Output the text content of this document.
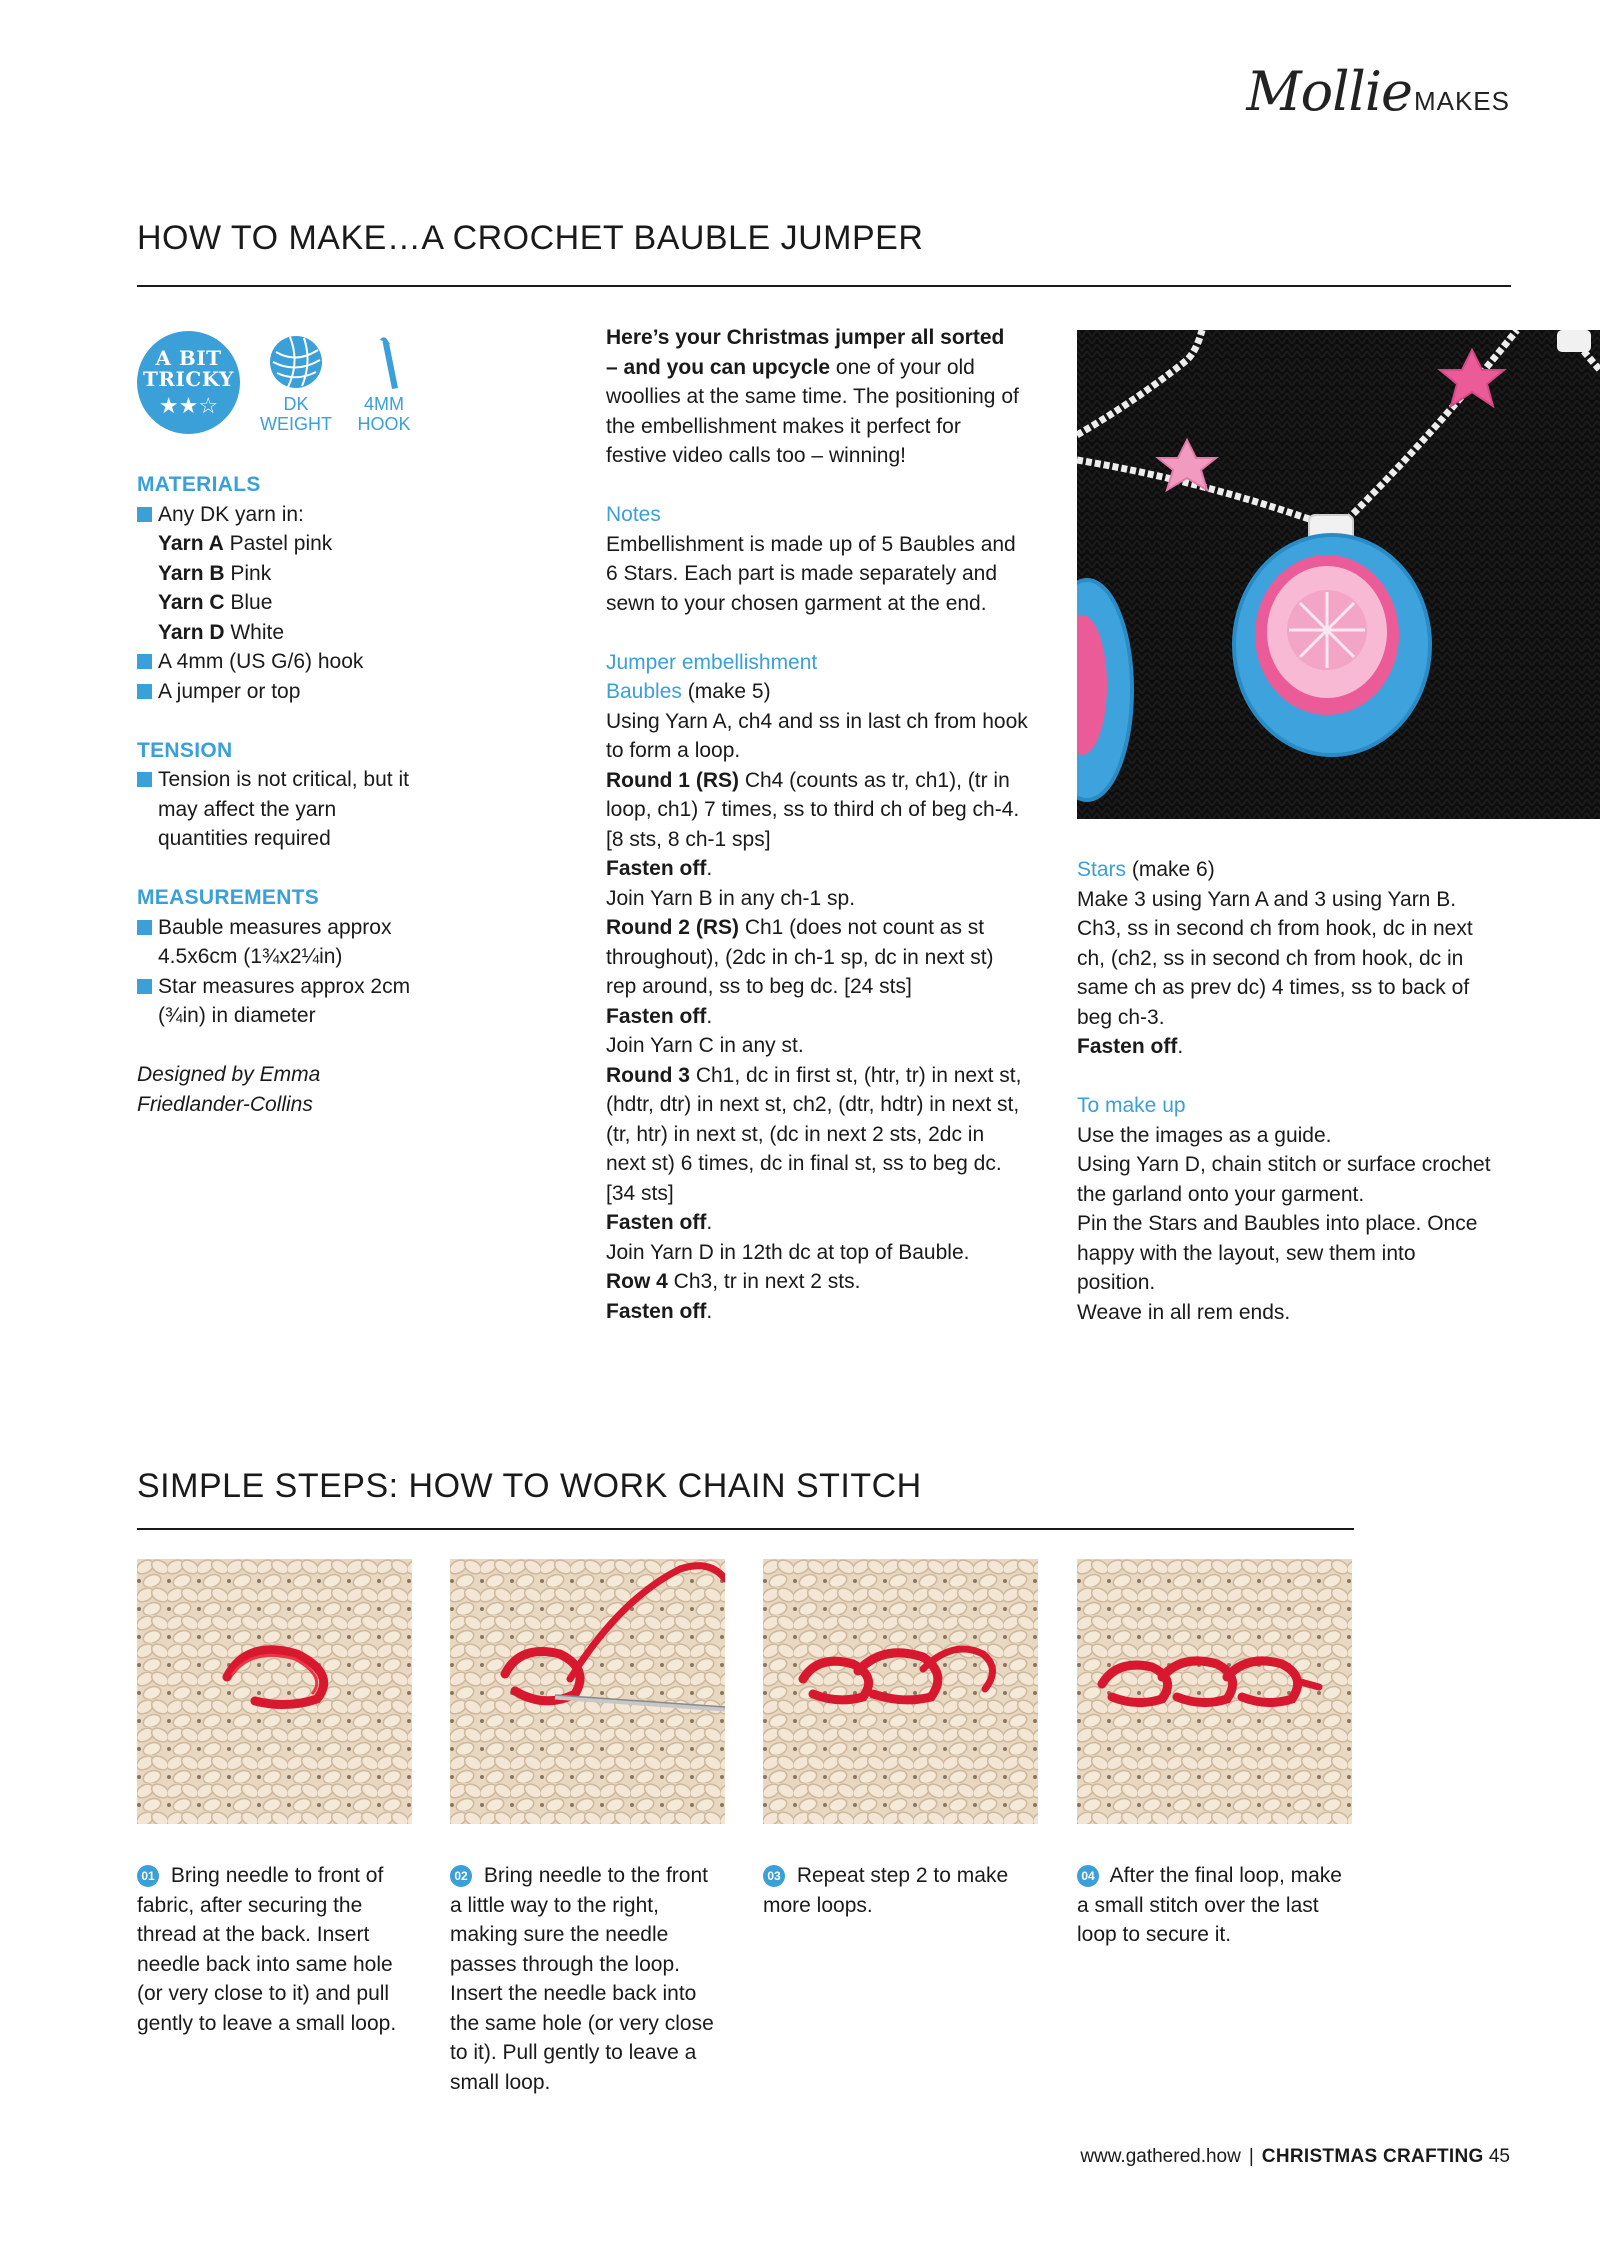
Mollie MAKES
HOW TO MAKE…A CROCHET BAUBLE JUMPER
A BIT
TRICKY
★★☆	DK
WEIGHT
4MM
HOOK

MATERIALS

Any DK yarn in:

Yarn A Pastel pink

Yarn B Pink

Yarn C Blue

Yarn D White

A 4mm (US G/6) hook

A jumper or top

TENSION

Tension is not critical, but it

may affect the yarn

quantities required

MEASUREMENTS

Bauble measures approx

4.5x6cm (1¾x2¼in)

Star measures approx 2cm

(¾in) in diameter

Designed by Emma

Friedlander-Collins

Here’s your Christmas jumper all sorted

– and you can upcycle one of your old

woollies at the same time. The positioning of

the embellishment makes it perfect for

festive video calls too – winning!

Notes

Embellishment is made up of 5 Baubles and

6 Stars. Each part is made separately and

sewn to your chosen garment at the end.

Jumper embellishment

Baubles (make 5)

Using Yarn A, ch4 and ss in last ch from hook

to form a loop.

Round 1 (RS) Ch4 (counts as tr, ch1), (tr in

loop, ch1) 7 times, ss to third ch of beg ch-4.

[8 sts, 8 ch-1 sps]

Fasten off.

Join Yarn B in any ch-1 sp.

Round 2 (RS) Ch1 (does not count as st

throughout), (2dc in ch-1 sp, dc in next st)

rep around, ss to beg dc. [24 sts]

Fasten off.

Join Yarn C in any st.

Round 3 Ch1, dc in first st, (htr, tr) in next st,

(hdtr, dtr) in next st, ch2, (dtr, hdtr) in next st,

(tr, htr) in next st, (dc in next 2 sts, 2dc in

next st) 6 times, dc in final st, ss to beg dc.

[34 sts]

Fasten off.

Join Yarn D in 12th dc at top of Bauble.

Row 4 Ch3, tr in next 2 sts.

Fasten off.

Stars (make 6)

Make 3 using Yarn A and 3 using Yarn B.

Ch3, ss in second ch from hook, dc in next

ch, (ch2, ss in second ch from hook, dc in

same ch as prev dc) 4 times, ss to back of

beg ch-3.

Fasten off.

To make up

Use the images as a guide.

Using Yarn D, chain stitch or surface crochet

the garland onto your garment.

Pin the Stars and Baubles into place. Once

happy with the layout, sew them into

position.

Weave in all rem ends.

SIMPLE STEPS: HOW TO WORK CHAIN STITCH

01 Bring needle to front of

fabric, after securing the

thread at the back. Insert

needle back into same hole

(or very close to it) and pull

gently to leave a small loop.

02 Bring needle to the front

a little way to the right,

making sure the needle

passes through the loop.

Insert the needle back into

the same hole (or very close

to it). Pull gently to leave a

small loop.

03 Repeat step 2 to make

more loops.

04 After the final loop, make

a small stitch over the last

loop to secure it.

www.gathered.how | CHRISTMAS CRAFTING 45
